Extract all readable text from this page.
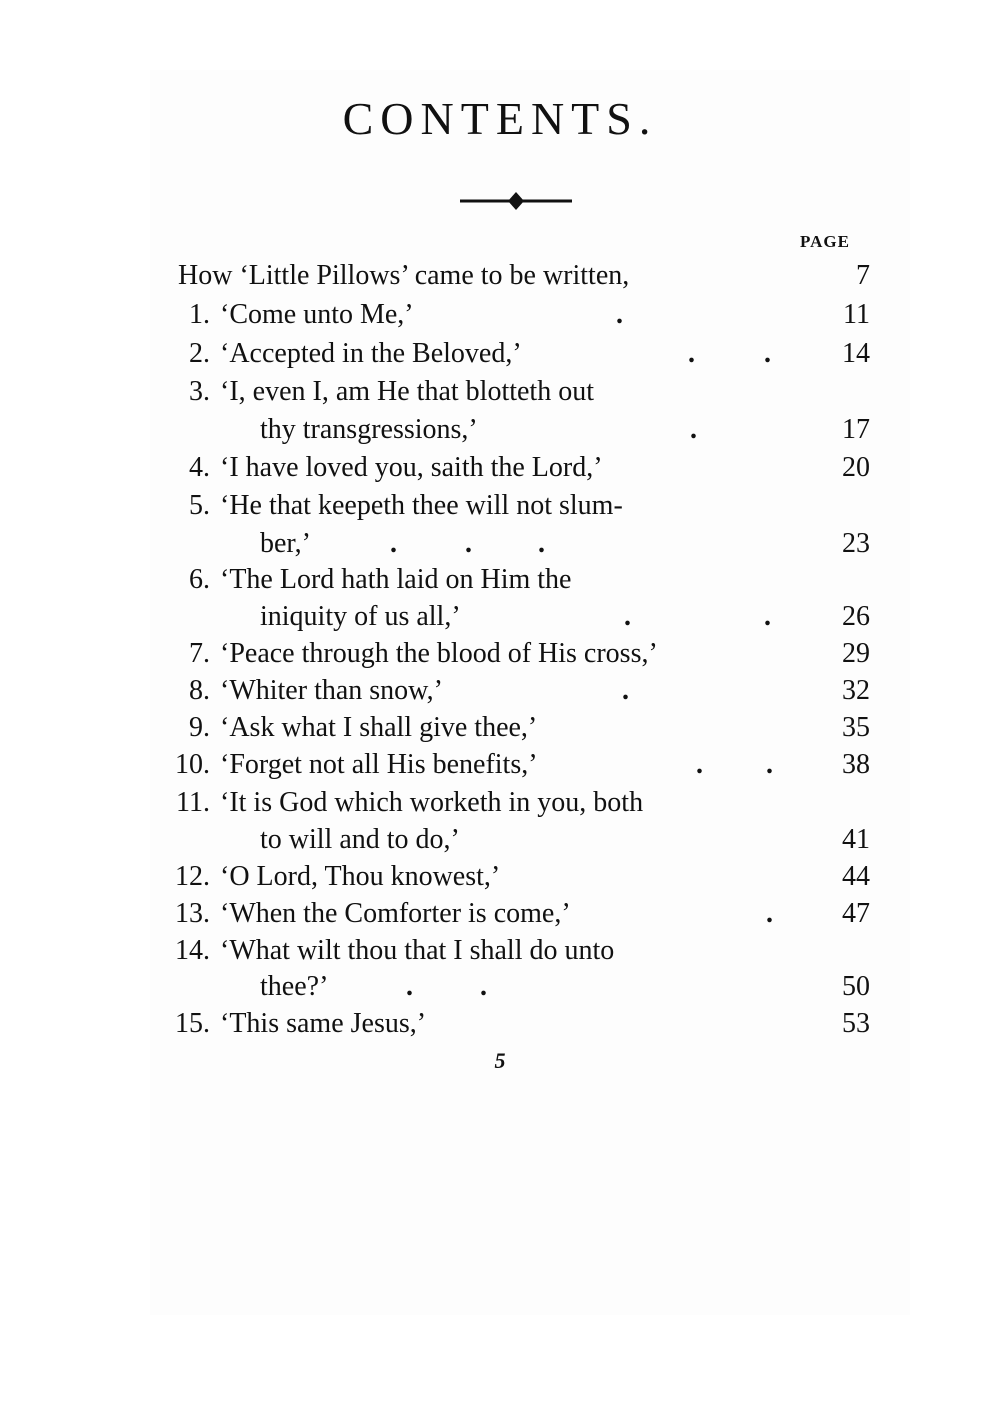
CONTENTS.
PAGE
How ‘Little Pillows’ came to be written,	7
1. ‘Come unto Me,’	.	11
2. ‘Accepted in the Beloved,’	. .	14
3. ‘I, even I, am He that blotteth out
thy transgressions,’	.	17
4. ‘I have loved you, saith the Lord,’	20
5. ‘He that keepeth thee will not slum-
ber,’	. . .	23
6. ‘The Lord hath laid on Him the
iniquity of us all,’	.	.	26
7. ‘Peace through the blood of His cross,’	29
8. ‘Whiter than snow,’	.	32
9. ‘Ask what I shall give thee,’	35
10. ‘Forget not all His benefits,’	. .	38
11. ‘It is God which worketh in you, both
to will and to do,’	41
12. ‘O Lord, Thou knowest,’	44
13. ‘When the Comforter is come,’	.	47
14. ‘What wilt thou that I shall do unto
thee?’	. .	50
15. ‘This same Jesus,’	53
5
